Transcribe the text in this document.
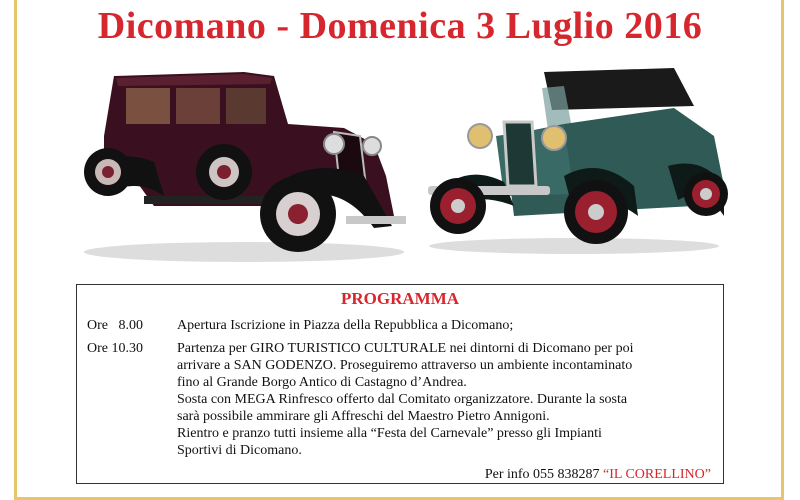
Dicomano - Domenica 3 Luglio 2016
PROGRAMMA
Ore   8.00	Apertura Iscrizione in Piazza della Repubblica a Dicomano;
Ore 10.30	Partenza per GIRO TURISTICO CULTURALE nei dintorni di Dicomano per poi
arrivare a SAN GODENZO. Proseguiremo attraverso un ambiente incontaminato
fino al Grande Borgo Antico di Castagno d’Andrea.
Sosta con MEGA Rinfresco offerto dal Comitato organizzatore. Durante la sosta
sarà possibile ammirare gli Affreschi del Maestro Pietro Annigoni.
Rientro e pranzo tutti insieme alla “Festa del Carnevale” presso gli Impianti
Sportivi di Dicomano.
Per info 055 838287 “IL CORELLINO”
